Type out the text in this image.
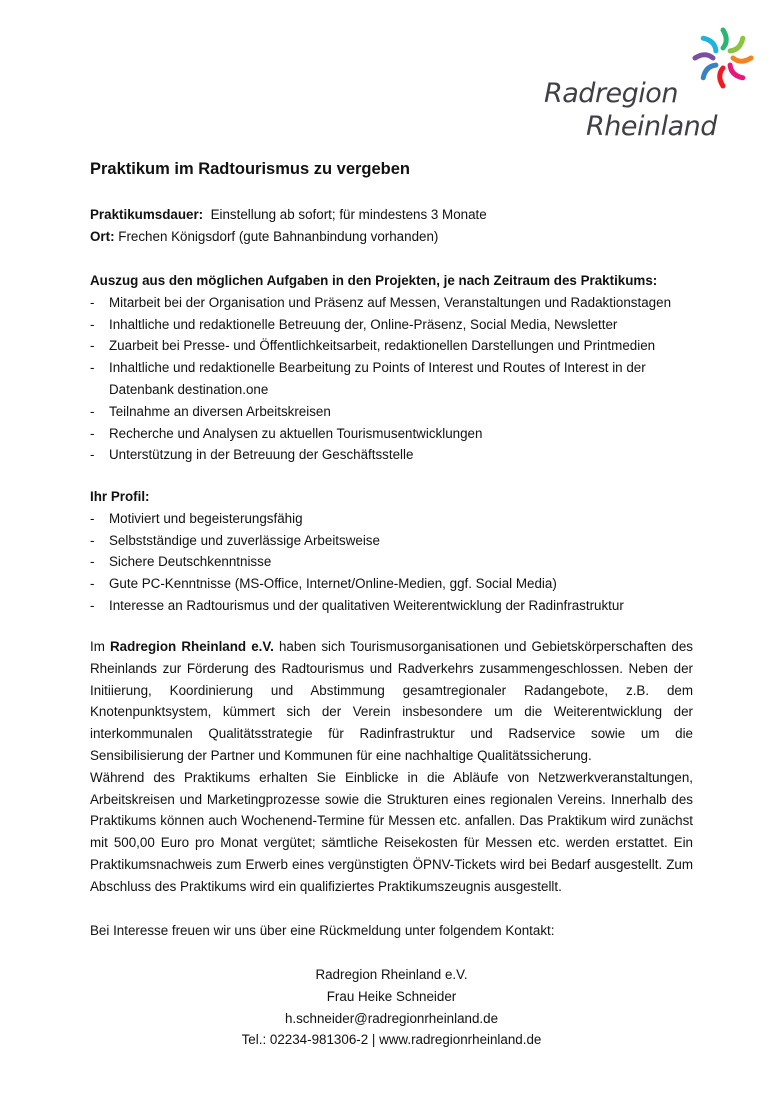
Radregion
Rheinland
Praktikum im Radtourismus zu vergeben

Praktikumsdauer:  Einstellung ab sofort; für mindestens 3 Monate

Ort: Frechen Königsdorf (gute Bahnanbindung vorhanden)

Auszug aus den möglichen Aufgaben in den Projekten, je nach Zeitraum des Praktikums:
- Mitarbeit bei der Organisation und Präsenz auf Messen, Veranstaltungen und Radaktionstagen
- Inhaltliche und redaktionelle Betreuung der, Online-Präsenz, Social Media, Newsletter
- Zuarbeit bei Presse- und Öffentlichkeitsarbeit, redaktionellen Darstellungen und Printmedien
- Inhaltliche und redaktionelle Bearbeitung zu Points of Interest und Routes of Interest in der Datenbank destination.one
- Teilnahme an diversen Arbeitskreisen
- Recherche und Analysen zu aktuellen Tourismusentwicklungen
- Unterstützung in der Betreuung der Geschäftsstelle
Ihr Profil:
- Motiviert und begeisterungsfähig
- Selbstständige und zuverlässige Arbeitsweise
- Sichere Deutschkenntnisse
- Gute PC-Kenntnisse (MS-Office, Internet/Online-Medien, ggf. Social Media)
- Interesse an Radtourismus und der qualitativen Weiterentwicklung der Radinfrastruktur

Im Radregion Rheinland e.V. haben sich Tourismusorganisationen und Gebietskörperschaften des Rheinlands zur Förderung des Radtourismus und Radverkehrs zusammengeschlossen. Neben der Initiierung, Koordinierung und Abstimmung gesamtregionaler Radangebote, z.B. dem Knotenpunktsystem, kümmert sich der Verein insbesondere um die Weiterentwicklung der interkommunalen Qualitätsstrategie für Radinfrastruktur und Radservice sowie um die Sensibilisierung der Partner und Kommunen für eine nachhaltige Qualitätssicherung.

Während des Praktikums erhalten Sie Einblicke in die Abläufe von Netzwerkveranstaltungen, Arbeitskreisen und Marketingprozesse sowie die Strukturen eines regionalen Vereins. Innerhalb des Praktikums können auch Wochenend-Termine für Messen etc. anfallen. Das Praktikum wird zunächst mit 500,00 Euro pro Monat vergütet; sämtliche Reisekosten für Messen etc. werden erstattet. Ein Praktikumsnachweis zum Erwerb eines vergünstigten ÖPNV-Tickets wird bei Bedarf ausgestellt. Zum Abschluss des Praktikums wird ein qualifiziertes Praktikumszeugnis ausgestellt.

Bei Interesse freuen wir uns über eine Rückmeldung unter folgendem Kontakt:

Radregion Rheinland e.V.

Frau Heike Schneider

h.schneider@radregionrheinland.de

Tel.: 02234-981306-2 | www.radregionrheinland.de
